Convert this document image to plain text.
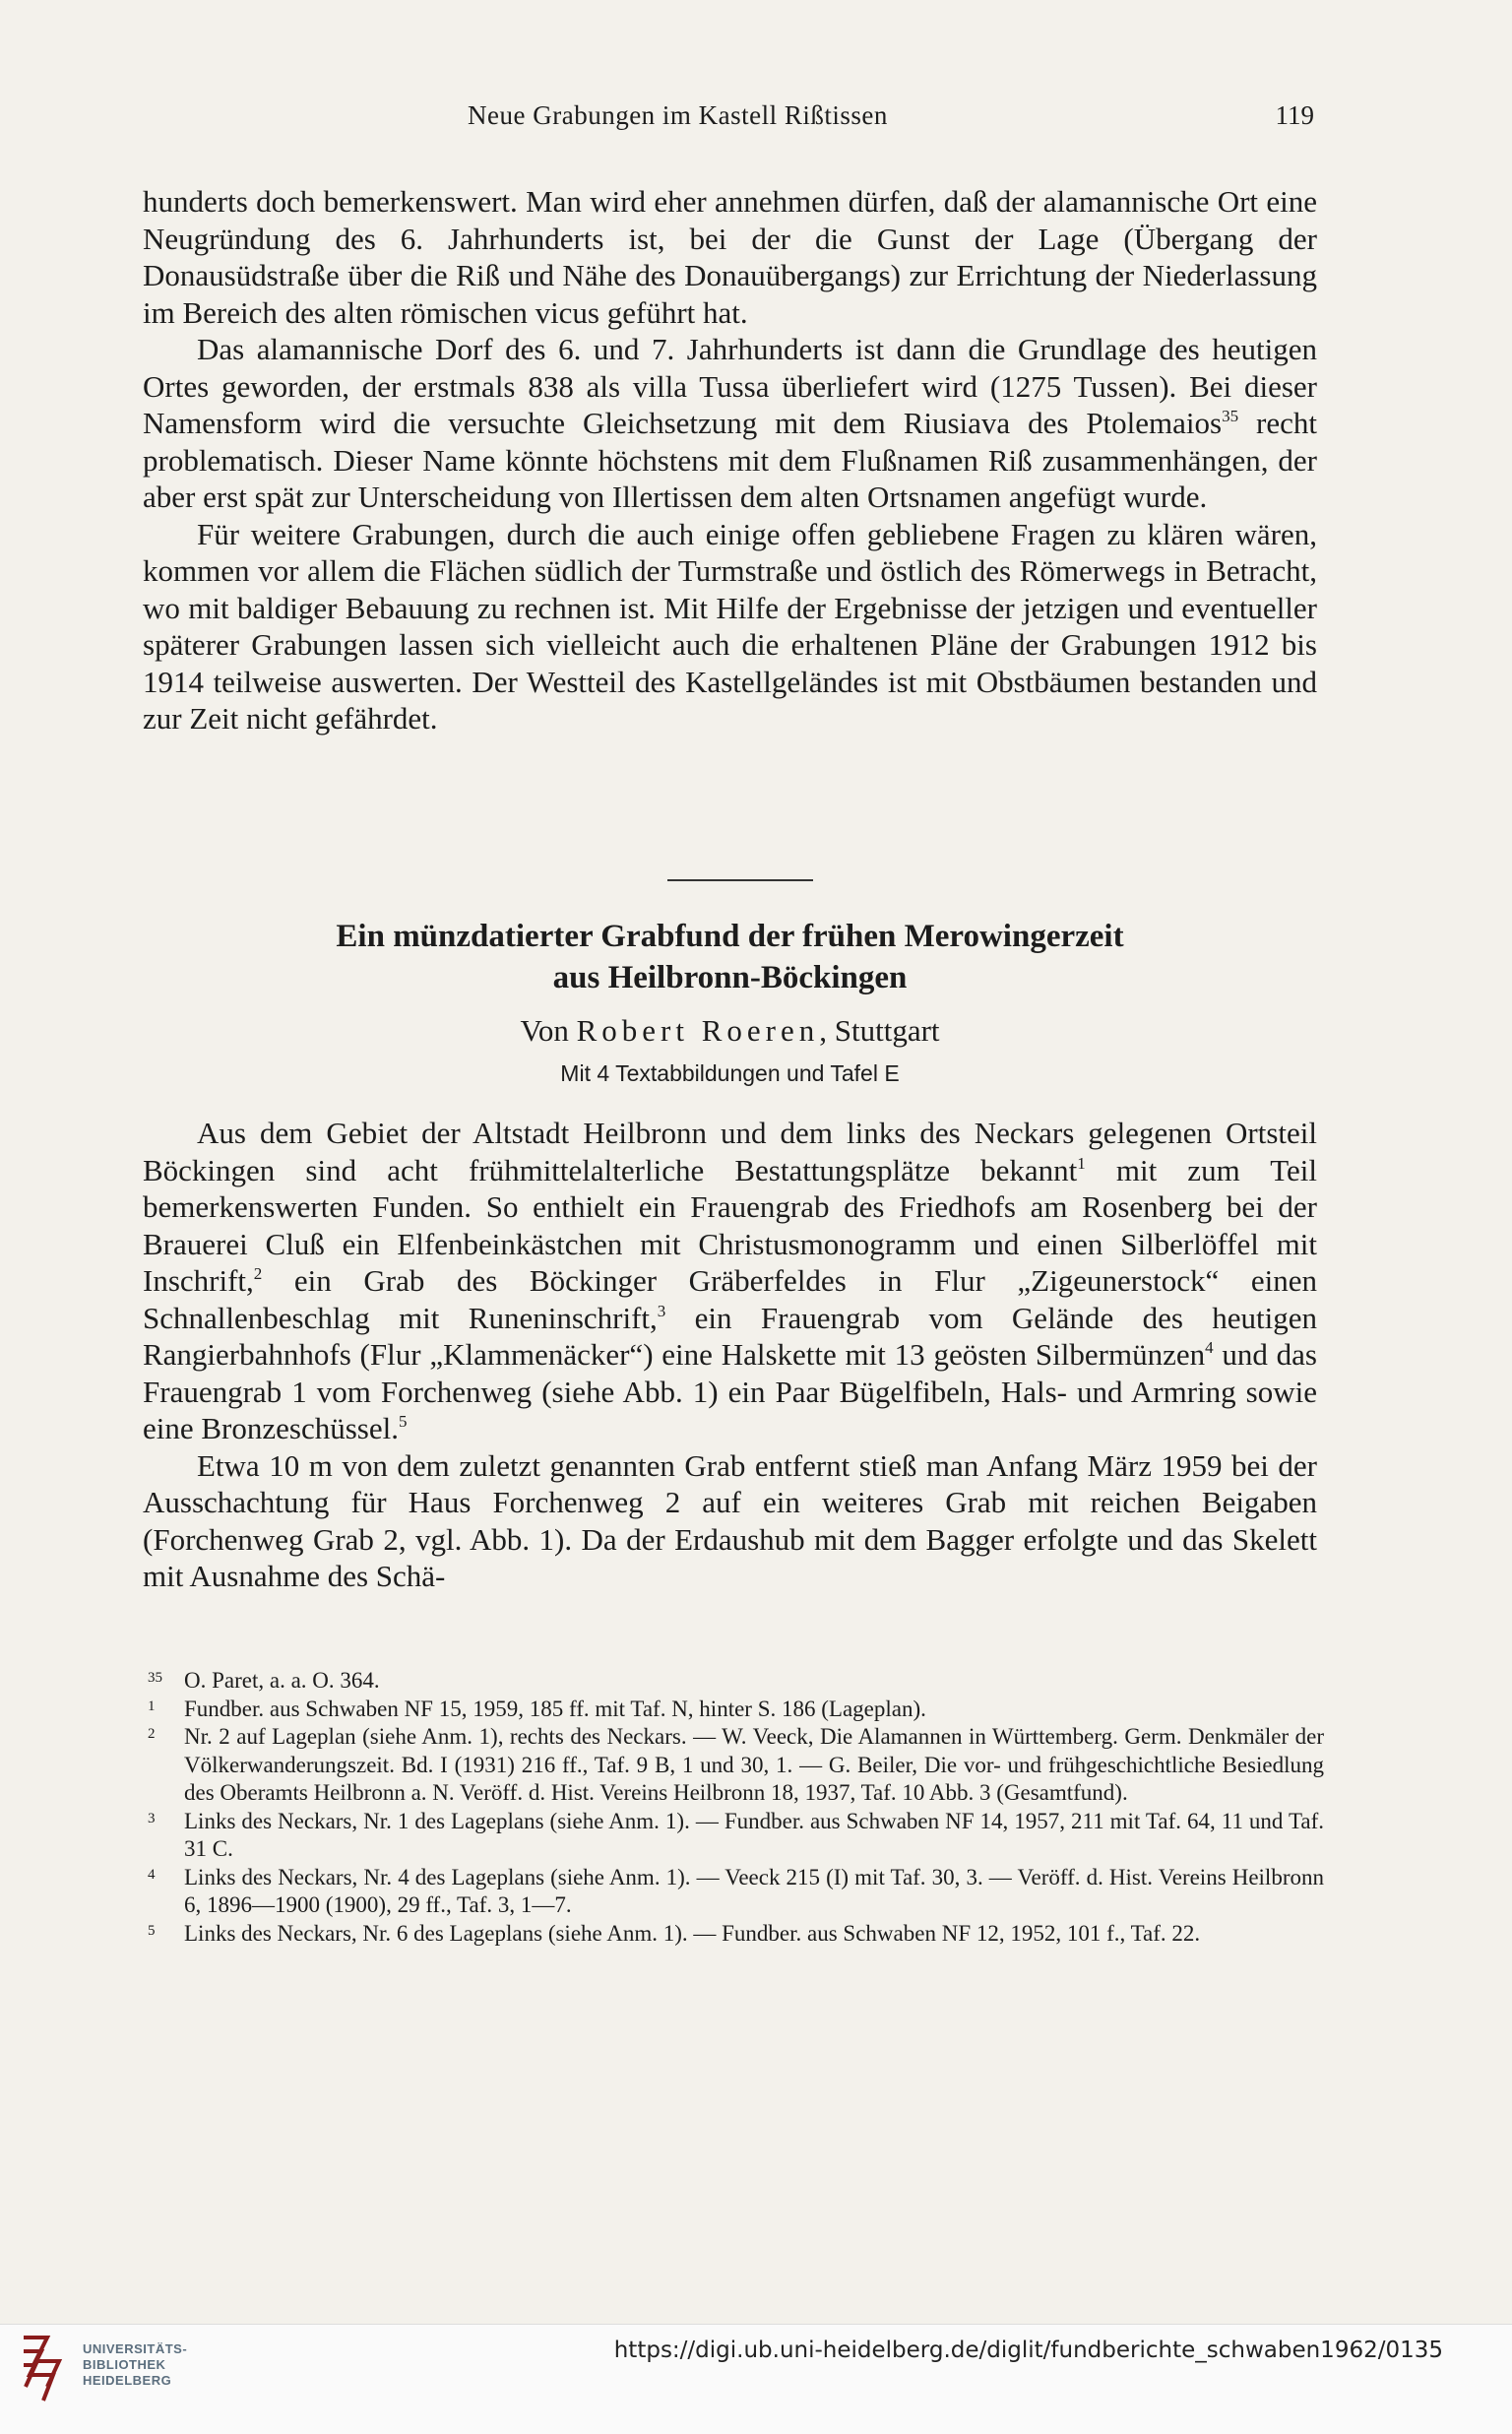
Neue Grabungen im Kastell Rißtissen	119

hunderts doch bemerkenswert. Man wird eher annehmen dürfen, daß der alamannische Ort eine Neugründung des 6. Jahrhunderts ist, bei der die Gunst der Lage (Übergang der Donausüdstraße über die Riß und Nähe des Donauübergangs) zur Errichtung der Niederlassung im Bereich des alten römischen vicus geführt hat.

Das alamannische Dorf des 6. und 7. Jahrhunderts ist dann die Grundlage des heutigen Ortes geworden, der erstmals 838 als villa Tussa überliefert wird (1275 Tussen). Bei dieser Namensform wird die versuchte Gleichsetzung mit dem Riusiava des Ptolemaios$^{35}$ recht problematisch. Dieser Name könnte höchstens mit dem Flußnamen Riß zusammenhängen, der aber erst spät zur Unterscheidung von Illertissen dem alten Ortsnamen angefügt wurde.

Für weitere Grabungen, durch die auch einige offen gebliebene Fragen zu klären wären, kommen vor allem die Flächen südlich der Turmstraße und östlich des Römerwegs in Betracht, wo mit baldiger Bebauung zu rechnen ist. Mit Hilfe der Ergebnisse der jetzigen und eventueller späterer Grabungen lassen sich vielleicht auch die erhaltenen Pläne der Grabungen 1912 bis 1914 teilweise auswerten. Der Westteil des Kastellgeländes ist mit Obstbäumen bestanden und zur Zeit nicht gefährdet.

Ein münzdatierter Grabfund der frühen Merowingerzeit
aus Heilbronn-Böckingen
Von Robert Roeren, Stuttgart
Mit 4 Textabbildungen und Tafel E

Aus dem Gebiet der Altstadt Heilbronn und dem links des Neckars gelegenen Ortsteil Böckingen sind acht frühmittelalterliche Bestattungsplätze bekannt$^1$ mit zum Teil bemerkenswerten Funden. So enthielt ein Frauengrab des Friedhofs am Rosenberg bei der Brauerei Cluß ein Elfenbeinkästchen mit Christusmonogramm und einen Silberlöffel mit Inschrift,$^2$ ein Grab des Böckinger Gräberfeldes in Flur „Zigeunerstock“ einen Schnallenbeschlag mit Runeninschrift,$^3$ ein Frauengrab vom Gelände des heutigen Rangierbahnhofs (Flur „Klammenäcker“) eine Halskette mit 13 geösten Silbermünzen$^4$ und das Frauengrab 1 vom Forchenweg (siehe Abb. 1) ein Paar Bügelfibeln, Hals- und Armring sowie eine Bronzeschüssel.$^5$

Etwa 10 m von dem zuletzt genannten Grab entfernt stieß man Anfang März 1959 bei der Ausschachtung für Haus Forchenweg 2 auf ein weiteres Grab mit reichen Beigaben (Forchenweg Grab 2, vgl. Abb. 1). Da der Erdaushub mit dem Bagger erfolgte und das Skelett mit Ausnahme des Schä-

35 O. Paret, a. a. O. 364.

1 Fundber. aus Schwaben NF 15, 1959, 185 ff. mit Taf. N, hinter S. 186 (Lageplan).

2 Nr. 2 auf Lageplan (siehe Anm. 1), rechts des Neckars. — W. Veeck, Die Alamannen in Württemberg. Germ. Denkmäler der Völkerwanderungszeit. Bd. I (1931) 216 ff., Taf. 9 B, 1 und 30, 1. — G. Beiler, Die vor- und frühgeschichtliche Besiedlung des Oberamts Heilbronn a. N. Veröff. d. Hist. Vereins Heilbronn 18, 1937, Taf. 10 Abb. 3 (Gesamtfund).

3 Links des Neckars, Nr. 1 des Lageplans (siehe Anm. 1). — Fundber. aus Schwaben NF 14, 1957, 211 mit Taf. 64, 11 und Taf. 31 C.

4 Links des Neckars, Nr. 4 des Lageplans (siehe Anm. 1). — Veeck 215 (I) mit Taf. 30, 3. — Veröff. d. Hist. Vereins Heilbronn 6, 1896—1900 (1900), 29 ff., Taf. 3, 1—7.

5 Links des Neckars, Nr. 6 des Lageplans (siehe Anm. 1). — Fundber. aus Schwaben NF 12, 1952, 101 f., Taf. 22.

UNIVERSITÄTS-
BIBLIOTHEK
HEIDELBERG
https://digi.ub.uni-heidelberg.de/diglit/fundberichte_schwaben1962/0135
